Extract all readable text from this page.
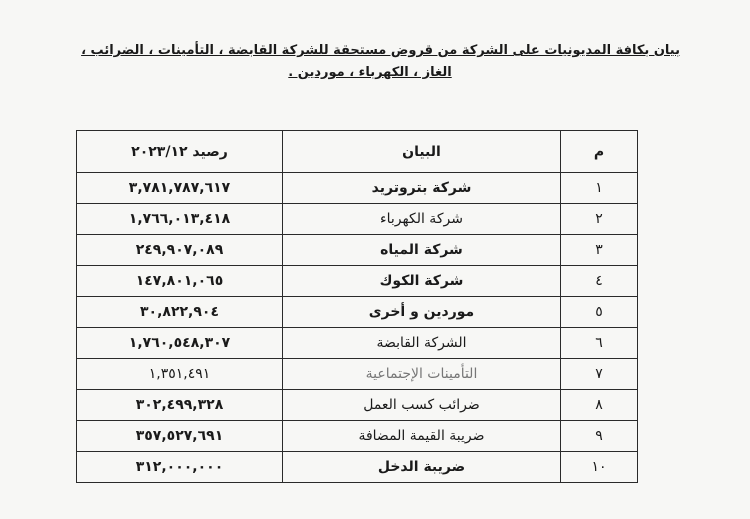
بيان بكافة المديونيات على الشركة من قروض مستحقة للشركة القابضة ، التأمينات ، الضرائب ،
الغاز ، الكهرباء ، موردين .
م	البيان	رصيد ٢٠٢٣/١٢
١	شركة بتروتريد	٣,٧٨١,٧٨٧,٦١٧
٢	شركة الكهرباء	١,٧٦٦,٠١٣,٤١٨
٣	شركة المياه	٢٤٩,٩٠٧,٠٨٩
٤	شركة الكوك	١٤٧,٨٠١,٠٦٥
٥	موردين و أخرى	٣٠,٨٢٢,٩٠٤
٦	الشركة القابضة	١,٧٦٠,٥٤٨,٣٠٧
٧	التأمينات الإجتماعية	١,٣٥١,٤٩١
٨	ضرائب كسب العمل	٣٠٢,٤٩٩,٣٢٨
٩	ضريبة القيمة المضافة	٣٥٧,٥٢٧,٦٩١
١٠	ضريبة الدخل	٣١٢,٠٠٠,٠٠٠
